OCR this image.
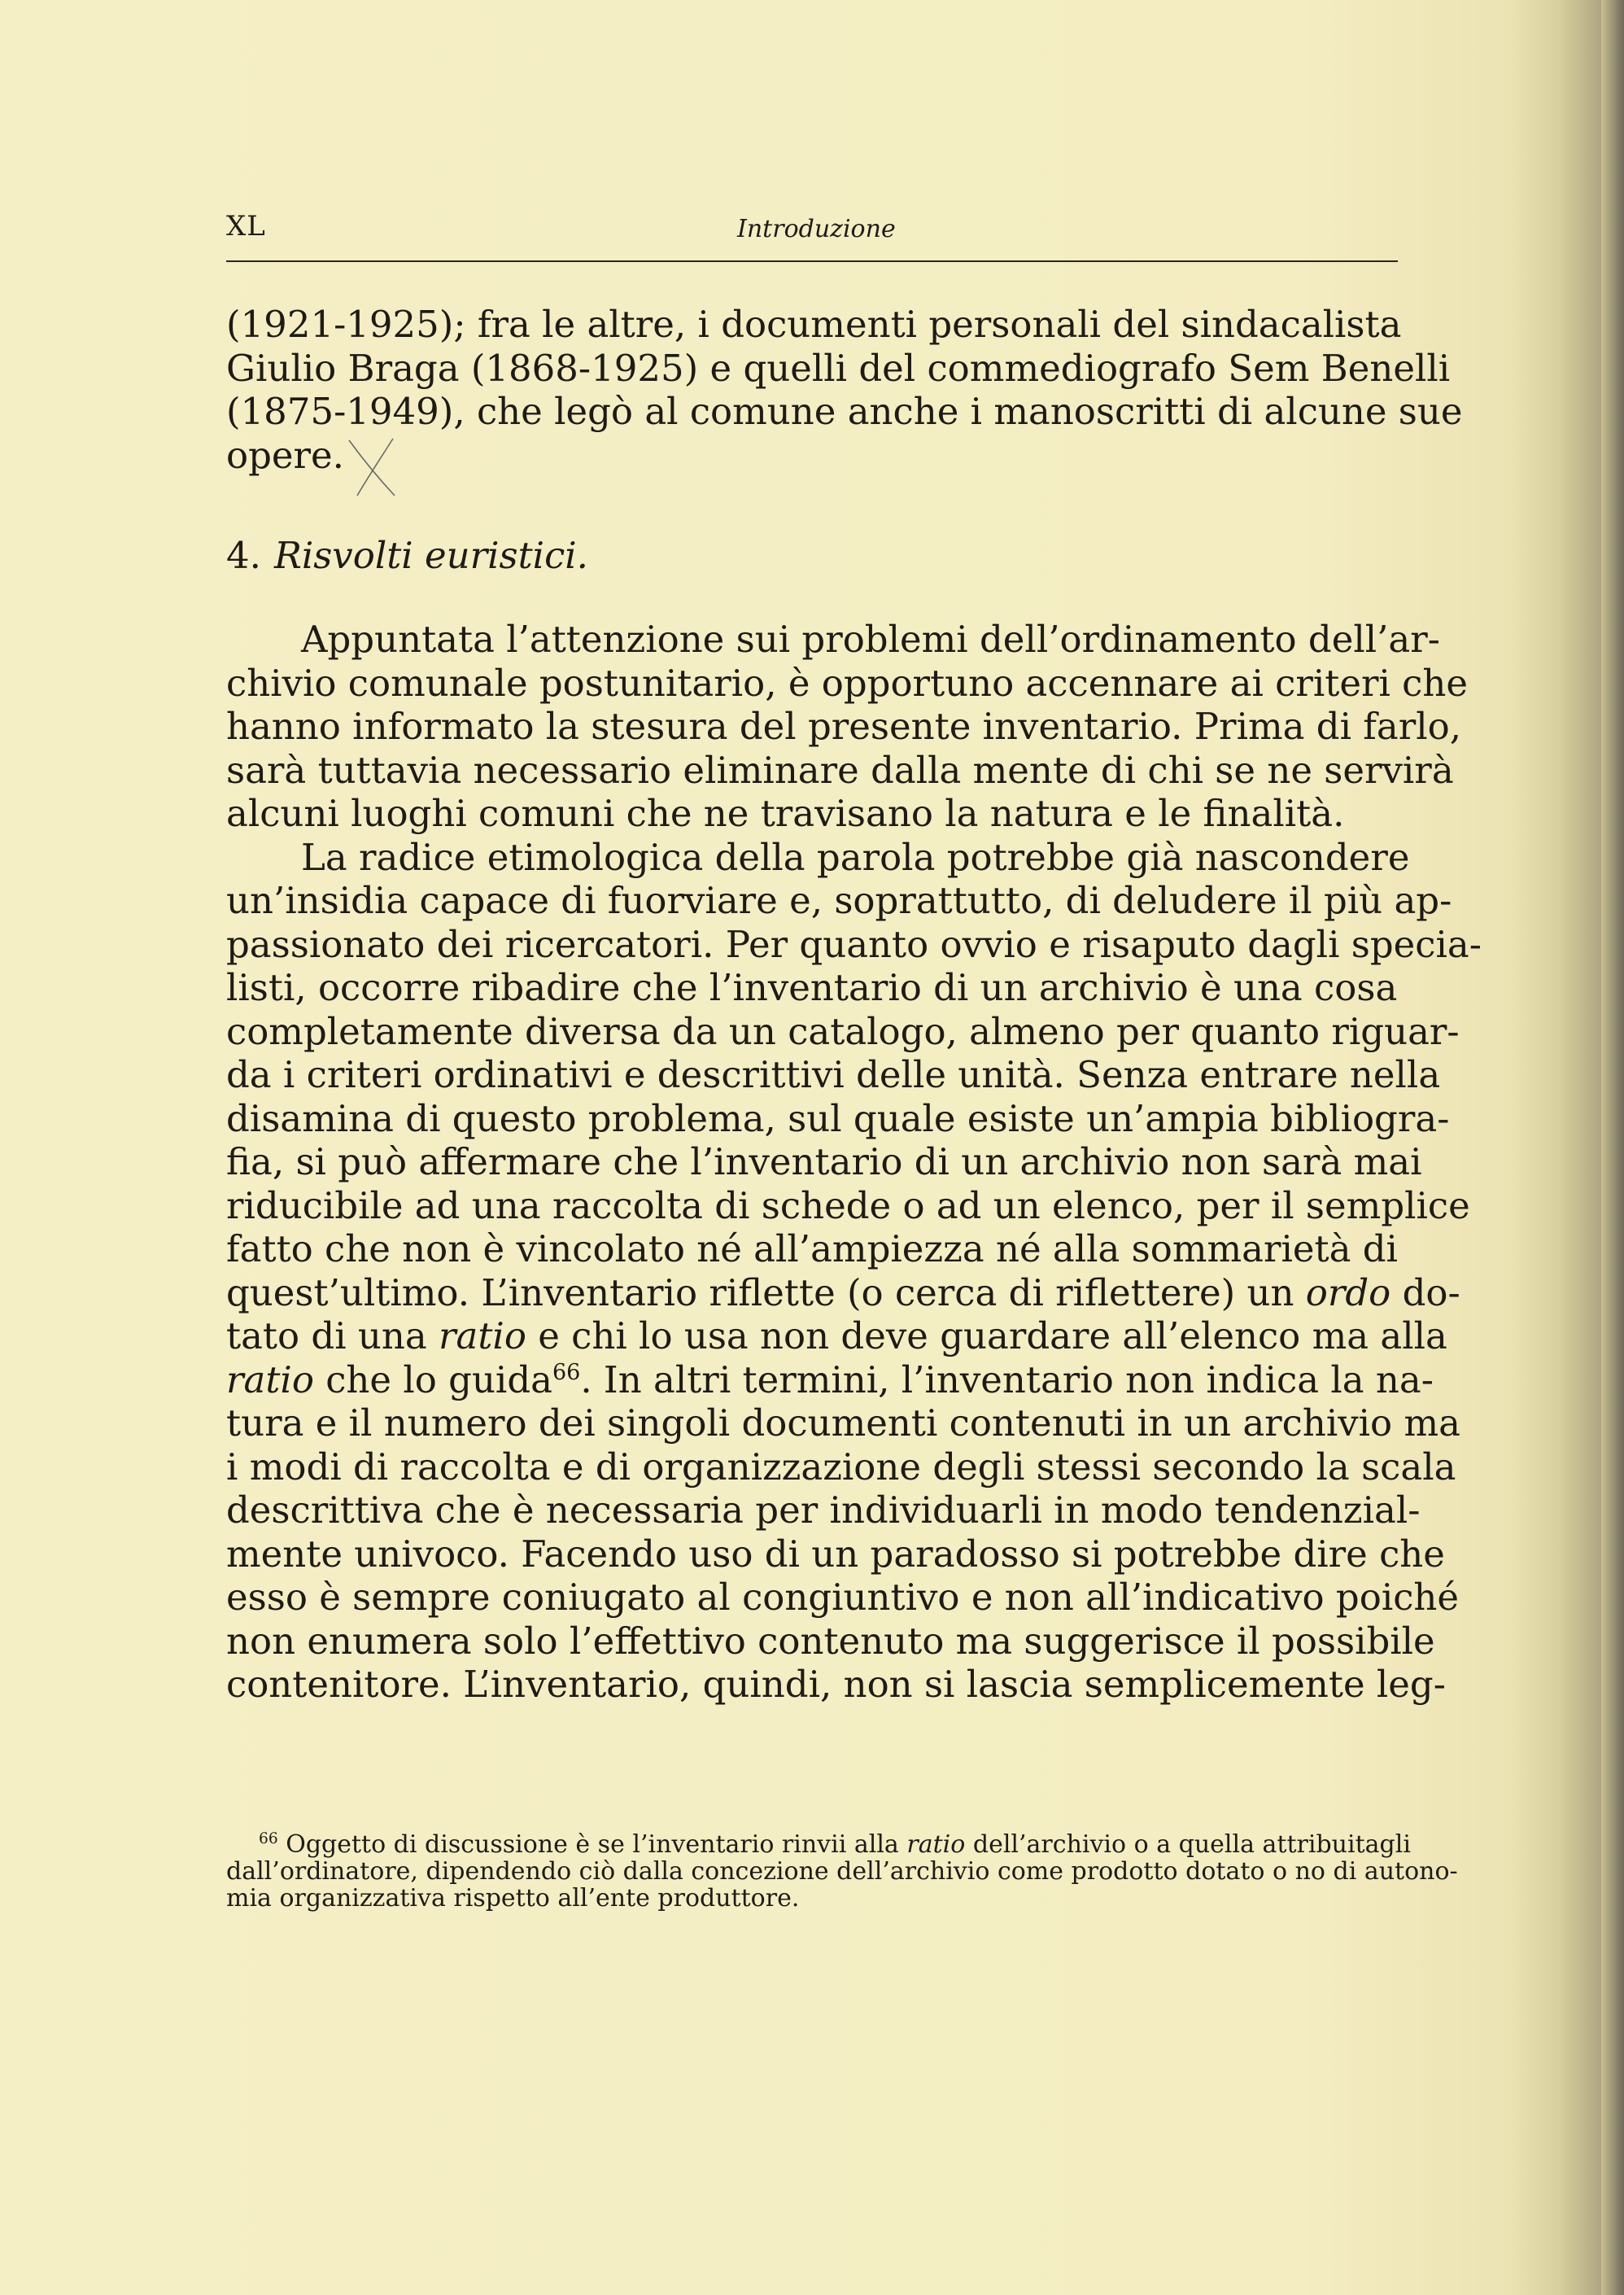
XL	Introduzione

(1921-1925); fra le altre, i documenti personali del sindacalista
Giulio Braga (1868-1925) e quelli del commediografo Sem Benelli
(1875-1949), che legò al comune anche i manoscritti di alcune sue
opere.

4. Risvolti euristici.

Appuntata l’attenzione sui problemi dell’ordinamento dell’ar-
chivio comunale postunitario, è opportuno accennare ai criteri che
hanno informato la stesura del presente inventario. Prima di farlo,
sarà tuttavia necessario eliminare dalla mente di chi se ne servirà
alcuni luoghi comuni che ne travisano la natura e le finalità.

La radice etimologica della parola potrebbe già nascondere
un’insidia capace di fuorviare e, soprattutto, di deludere il più ap-
passionato dei ricercatori. Per quanto ovvio e risaputo dagli specia-
listi, occorre ribadire che l’inventario di un archivio è una cosa
completamente diversa da un catalogo, almeno per quanto riguar-
da i criteri ordinativi e descrittivi delle unità. Senza entrare nella
disamina di questo problema, sul quale esiste un’ampia bibliogra-
fia, si può affermare che l’inventario di un archivio non sarà mai
riducibile ad una raccolta di schede o ad un elenco, per il semplice
fatto che non è vincolato né all’ampiezza né alla sommarietà di
quest’ultimo. L’inventario riflette (o cerca di riflettere) un ordo do-
tato di una ratio e chi lo usa non deve guardare all’elenco ma alla
ratio che lo guida$^{66}$. In altri termini, l’inventario non indica la na-
tura e il numero dei singoli documenti contenuti in un archivio ma
i modi di raccolta e di organizzazione degli stessi secondo la scala
descrittiva che è necessaria per individuarli in modo tendenzial-
mente univoco. Facendo uso di un paradosso si potrebbe dire che
esso è sempre coniugato al congiuntivo e non all’indicativo poiché
non enumera solo l’effettivo contenuto ma suggerisce il possibile
contenitore. L’inventario, quindi, non si lascia semplicemente leg-

$^{66}$ Oggetto di discussione è se l’inventario rinvii alla ratio dell’archivio o a quella attribuitagli
dall’ordinatore, dipendendo ciò dalla concezione dell’archivio come prodotto dotato o no di autono-
mia organizzativa rispetto all’ente produttore.
